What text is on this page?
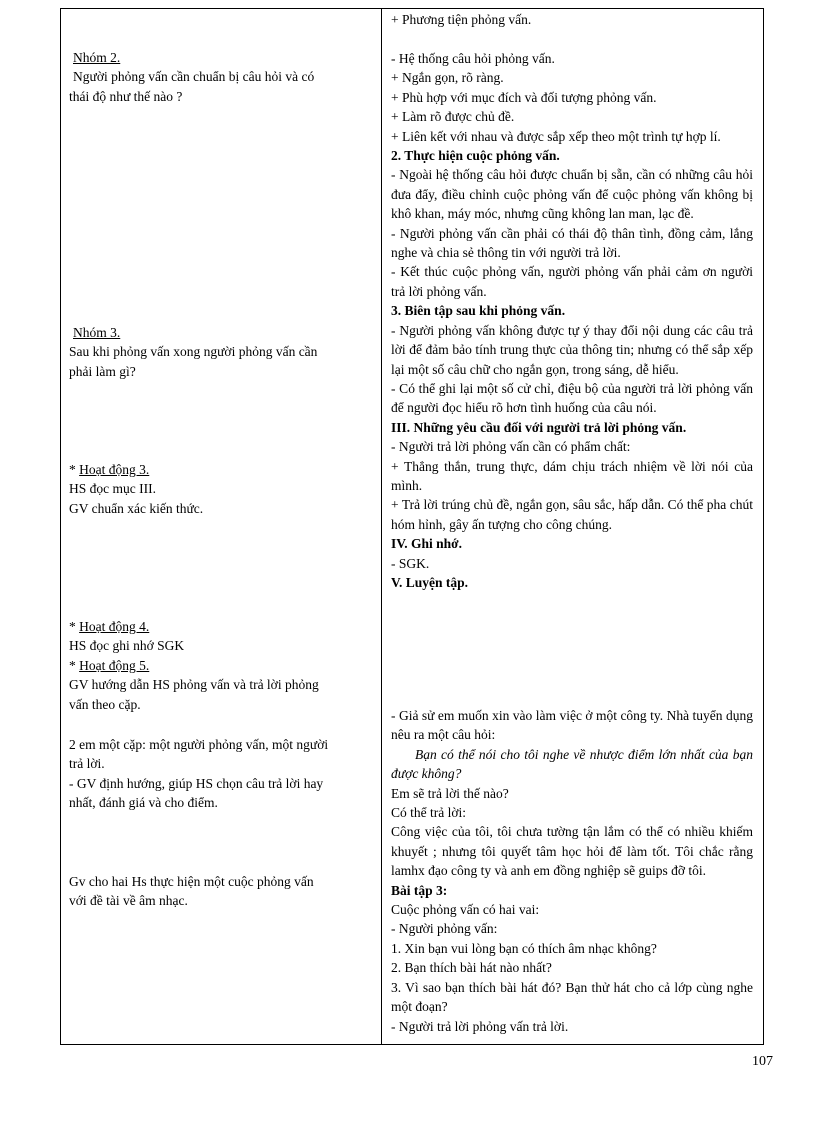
Nhóm 2.
Người phỏng vấn cần chuẩn bị câu hỏi và có
thái độ như thế nào ?
Nhóm 3.
Sau khi phỏng vấn xong người phỏng vấn cần
phải làm gì?
* Hoạt động 3.
HS đọc mục III.
GV chuẩn xác kiến thức.
* Hoạt động 4.
HS đọc ghi nhớ SGK
* Hoạt động 5.
GV hướng dẫn HS phỏng vấn và trả lời phỏng
vấn theo cặp.
2 em một cặp: một người phỏng vấn, một người
trả lời.
- GV định hướng, giúp HS chọn câu trả lời hay
nhất, đánh giá và cho điểm.
Gv cho hai Hs thực hiện một cuộc phỏng vấn
với đề tài về âm nhạc.
+ Phương tiện phỏng vấn.
- Hệ thống câu hỏi phỏng vấn.
+ Ngắn gọn, rõ ràng.
+ Phù hợp với mục đích và đối tượng phỏng vấn.
+ Làm rõ được chủ đề.
+ Liên kết với nhau và được sắp xếp theo một trình tự hợp lí.
2. Thực hiện cuộc phỏng vấn.
- Ngoài hệ thống câu hỏi được chuẩn bị sẵn, cần có những câu hỏi đưa đẩy, điều chỉnh cuộc phỏng vấn để cuộc phỏng vấn không bị khô khan, máy móc, nhưng cũng không lan man, lạc đề.
- Người phỏng vấn cần phải có thái độ thân tình, đồng cảm, lắng nghe và chia sẻ thông tin với người trả lời.
- Kết thúc cuộc phỏng vấn, người phỏng vấn phải cảm ơn người trả lời phỏng vấn.
3. Biên tập sau khi phỏng vấn.
- Người phỏng vấn không được tự ý thay đổi nội dung các câu trả lời để đảm bảo tính trung thực của thông tin; nhưng có thể sắp xếp lại một số câu chữ cho ngắn gọn, trong sáng, dễ hiểu.
- Có thể ghi lại một số cử chỉ, điệu bộ của người trả lời phỏng vấn để người đọc hiểu rõ hơn tình huống của câu nói.
III. Những yêu cầu đối với người trả lời phỏng vấn.
- Người trả lời phỏng vấn cần có phẩm chất:
+ Thẳng thắn, trung thực, dám chịu trách nhiệm về lời nói của mình.
+ Trả lời trúng chủ đề, ngắn gọn, sâu sắc, hấp dẫn. Có thể pha chút hóm hỉnh, gây ấn tượng cho công chúng.
IV. Ghi nhớ.
- SGK.
V. Luyện tập.
- Giả sử em muốn xin vào làm việc ở một công ty. Nhà tuyển dụng nêu ra một câu hỏi:
Bạn có thể nói cho tôi nghe về nhược điểm lớn nhất của bạn được không?
Em sẽ trả lời thế nào?
Có thể trả lời:
Công việc của tôi, tôi chưa tường tận lắm có thể có nhiều khiếm khuyết ; nhưng tôi quyết tâm học hỏi để làm tốt. Tôi chắc rằng lamhx đạo công ty và anh em đồng nghiệp sẽ guips đỡ tôi.
Bài tập 3:
Cuộc phỏng vấn có hai vai:
- Người phỏng vấn:
1. Xin bạn vui lòng bạn có thích âm nhạc không?
2. Bạn thích bài hát nào nhất?
3. Vì sao bạn thích bài hát đó? Bạn thử hát cho cả lớp cùng nghe một đoạn?
- Người trả lời phỏng vấn trả lời.
107
